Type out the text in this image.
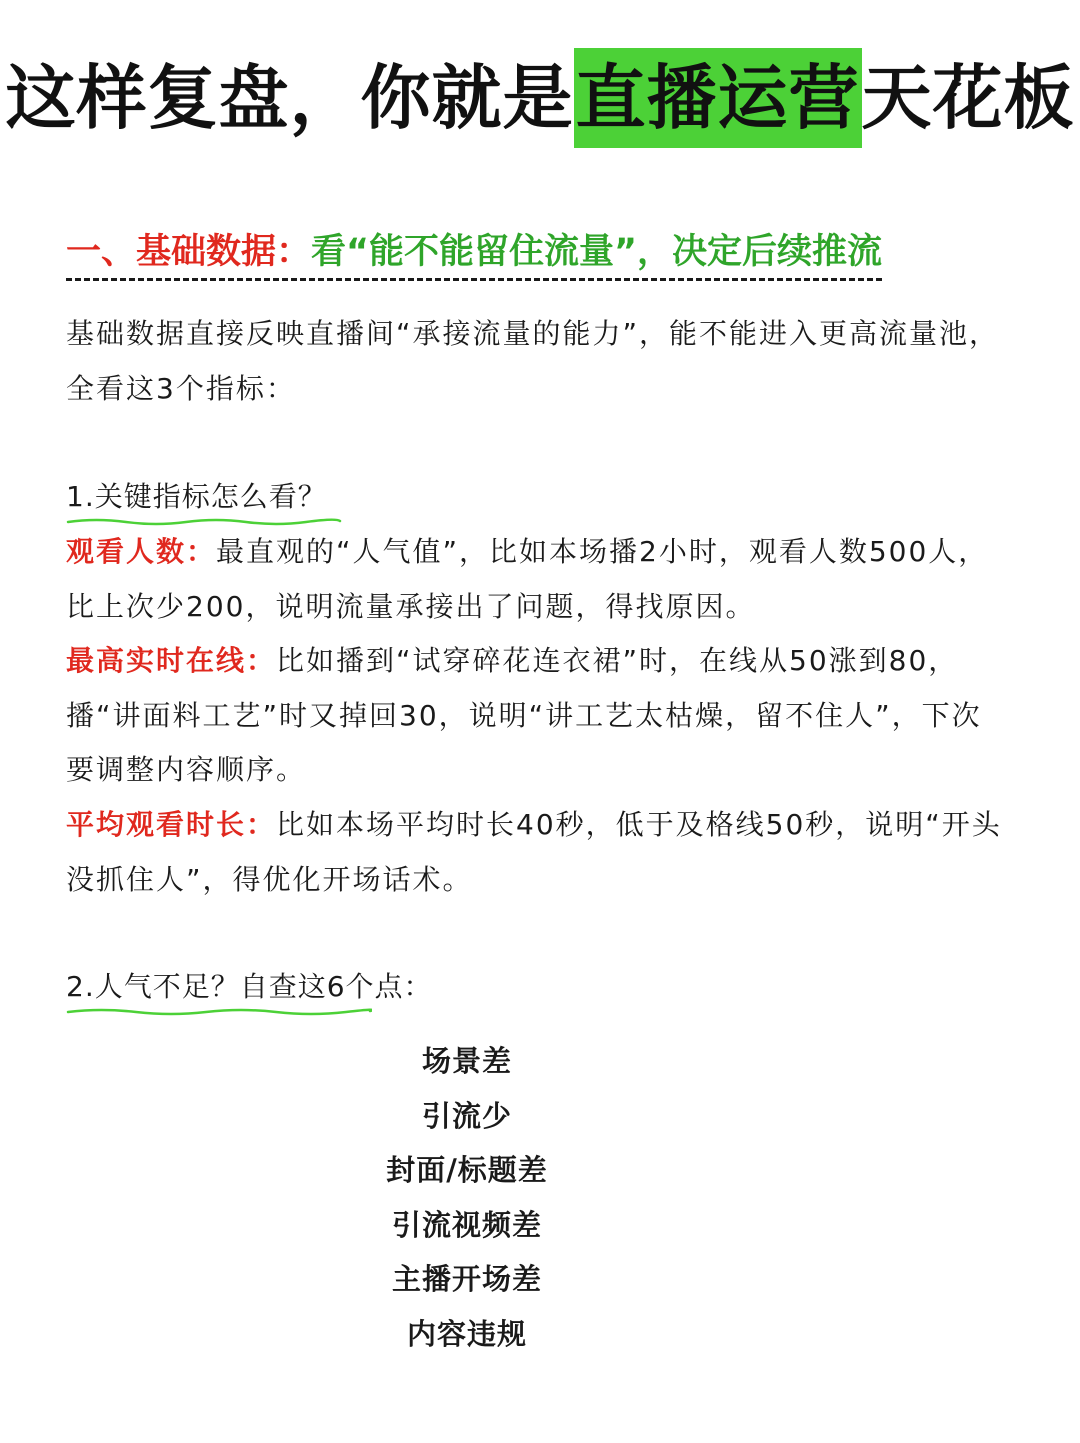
这样复盘，你就是直播运营天花板
一、基础数据：看“能不能留住流量”，决定后续推流
基础数据直接反映直播间“承接流量的能力”，能不能进入更高流量池，全看这3个指标：
1.关键指标怎么看？
观看人数：最直观的“人气值”，比如本场播2小时，观看人数500人，比上次少200，说明流量承接出了问题，得找原因。
最高实时在线：比如播到“试穿碎花连衣裙”时，在线从50涨到80，播“讲面料工艺”时又掉回30，说明“讲工艺太枯燥，留不住人”，下次要调整内容顺序。
平均观看时长：比如本场平均时长40秒，低于及格线50秒，说明“开头没抓住人”，得优化开场话术。
2.人气不足？自查这6个点：
场景差
引流少
封面/标题差
引流视频差
主播开场差
内容违规
